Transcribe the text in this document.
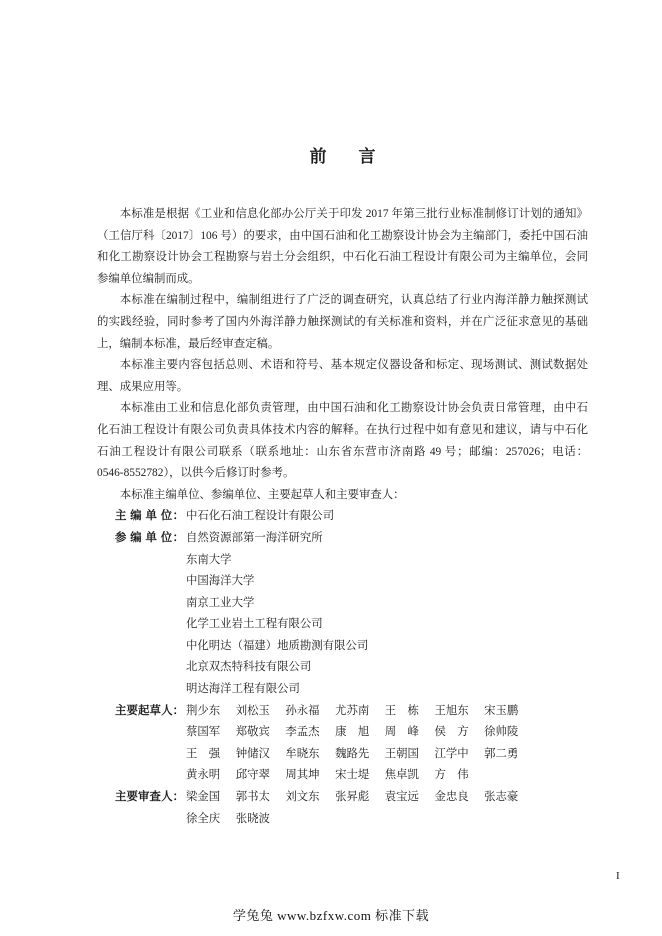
前言
本标准是根据《工业和信息化部办公厅关于印发 2017 年第三批行业标准制修订计划的通知》
（工信厅科〔2017〕106 号）的要求，由中国石油和化工勘察设计协会为主编部门，委托中国石油
和化工勘察设计协会工程勘察与岩土分会组织，中石化石油工程设计有限公司为主编单位，会同
参编单位编制而成。
本标准在编制过程中，编制组进行了广泛的调查研究，认真总结了行业内海洋静力触探测试
的实践经验，同时参考了国内外海洋静力触探测试的有关标准和资料，并在广泛征求意见的基础
上，编制本标准，最后经审查定稿。
本标准主要内容包括总则、术语和符号、基本规定仪器设备和标定、现场测试、测试数据处
理、成果应用等。
本标准由工业和信息化部负责管理，由中国石油和化工勘察设计协会负责日常管理，由中石
化石油工程设计有限公司负责具体技术内容的解释。在执行过程中如有意见和建议，请与中石化
石油工程设计有限公司联系（联系地址：山东省东营市济南路 49 号；邮编：257026；电话：
0546-8552782），以供今后修订时参考。
本标准主编单位、参编单位、主要起草人和主要审查人：
主 编 单 位： 中石化石油工程设计有限公司
参 编 单 位： 自然资源部第一海洋研究所
东南大学
中国海洋大学
南京工业大学
化学工业岩土工程有限公司
中化明达（福建）地质勘测有限公司
北京双杰特科技有限公司
明达海洋工程有限公司
主要起草人： 荆少东 刘松玉 孙永福 尤苏南 王　栋 王旭东 宋玉鹏
蔡国军 郑敬宾 李孟杰 康　旭 周　峰 侯　方 徐帅陵
王　强 钟储汉 牟晓东 魏路先 王朝国 江学中 郭二勇
黄永明 邱守翠 周其坤 宋士堤 焦卓凯 方　伟
主要审查人： 梁金国 郭书太 刘文东 张昇彪 袁宝远 金忠良 张志豪
徐全庆 张晓波
I
学兔兔 www.bzfxw.com 标准下载
